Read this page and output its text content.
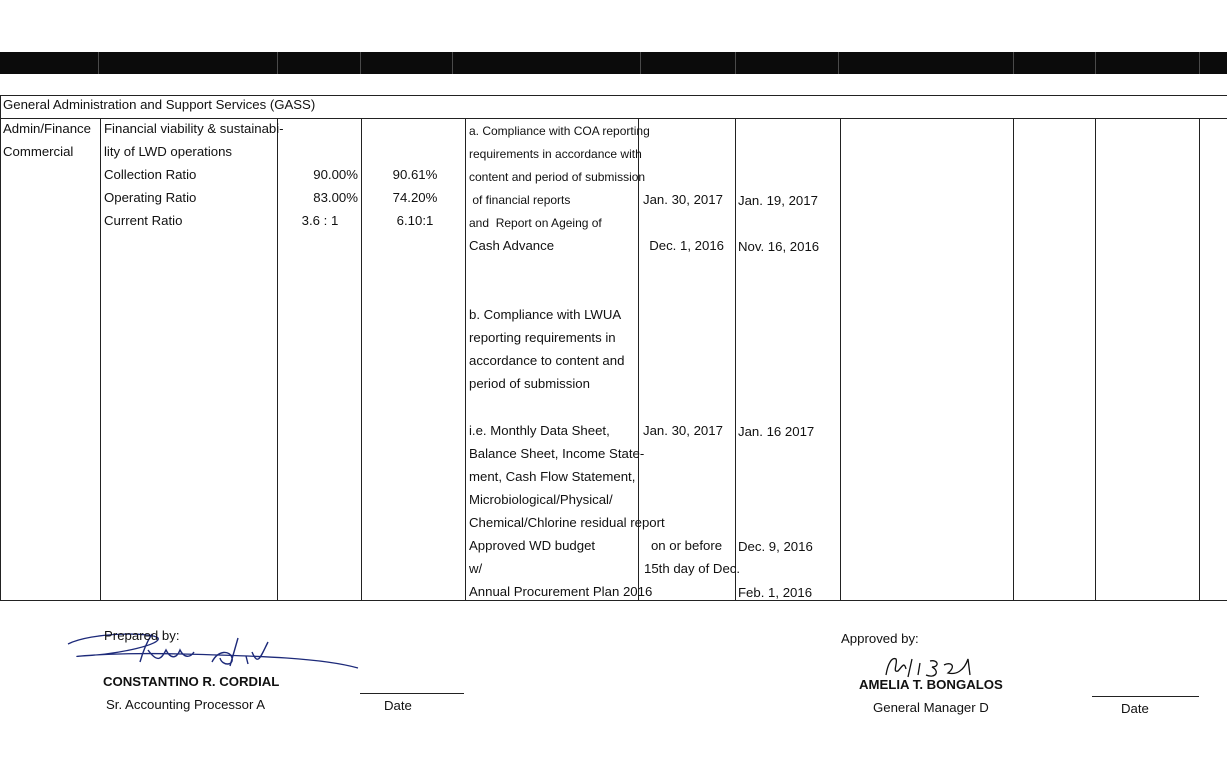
General Administration and Support Services (GASS)
Admin/Finance
Commercial
Financial viability & sustainabi-
lity of LWD operations
Collection Ratio
Operating Ratio
Current Ratio
90.00%
83.00%
3.6 : 1
90.61%
74.20%
6.10:1
a. Compliance with COA reporting
requirements in accordance with
content and period of submission
of financial reports
and  Report on Ageing of
Cash Advance
Jan. 30, 2017 Jan. 19, 2017
Dec. 1, 2016 Nov. 16, 2016
b. Compliance with LWUA
reporting requirements in
accordance to content and
period of submission
i.e. Monthly Data Sheet,
Balance Sheet, Income State-
ment, Cash Flow Statement,
Microbiological/Physical/
Chemical/Chlorine residual report
Approved WD budget
w/
Annual Procurement Plan 2016
Jan. 30, 2017 Jan. 16 2017
on or before
15th day of Dec.
Dec. 9, 2016
Feb. 1, 2016
Prepared by:
CONSTANTINO R. CORDIAL
Sr. Accounting Processor A	Date
Approved by:
AMELIA T. BONGALOS
General Manager D	Date
